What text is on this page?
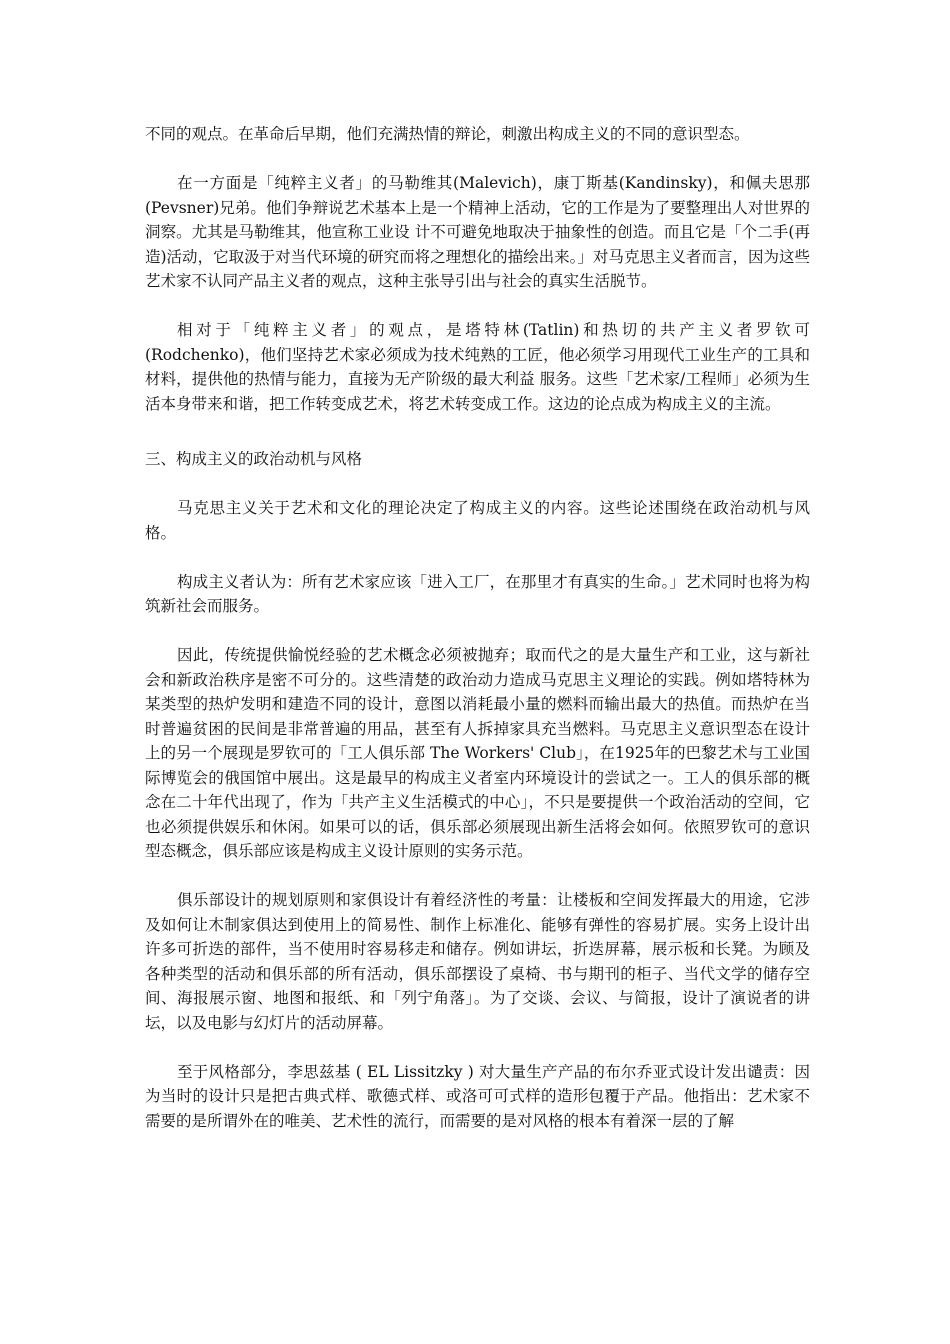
不同的观点。在革命后早期，他们充满热情的辩论，刺激出构成主义的不同的意识型态。

在一方面是「纯粹主义者」的马勒维其(Malevich)，康丁斯基(Kandinsky)，和佩夫思那(Pevsner)兄弟。他们争辩说艺术基本上是一个精神上活动，它的工作是为了要整理出人对世界的洞察。尤其是马勒维其，他宣称工业设 计不可避免地取决于抽象性的创造。而且它是「个二手(再造)活动，它取汲于对当代环境的研究而将之理想化的描绘出来。」对马克思主义者而言，因为这些艺术家不认同产品主义者的观点，这种主张导引出与社会的真实生活脱节。

相对于「纯粹主义者」的观点，是塔特林(Tatlin)和热切的共产主义者罗钦可(Rodchenko)，他们坚持艺术家必须成为技术纯熟的工匠，他必须学习用现代工业生产的工具和材料，提供他的热情与能力，直接为无产阶级的最大利益 服务。这些「艺术家/工程师」必须为生活本身带来和谐，把工作转变成艺术，将艺术转变成工作。这边的论点成为构成主义的主流。

三、构成主义的政治动机与风格

马克思主义关于艺术和文化的理论决定了构成主义的内容。这些论述围绕在政治动机与风格。

构成主义者认为：所有艺术家应该「进入工厂，在那里才有真实的生命。」艺术同时也将为构筑新社会而服务。

因此，传统提供愉悦经验的艺术概念必须被抛弃；取而代之的是大量生产和工业，这与新社会和新政治秩序是密不可分的。这些清楚的政治动力造成马克思主义理论的实践。例如塔特林为某类型的热炉发明和建造不同的设计，意图以消耗最小量的燃料而输出最大的热值。而热炉在当时普遍贫困的民间是非常普遍的用品，甚至有人拆掉家具充当燃料。马克思主义意识型态在设计上的另一个展现是罗钦可的「工人俱乐部 The Workers' Club」，在1925年的巴黎艺术与工业国际博览会的俄国馆中展出。这是最早的构成主义者室内环境设计的尝试之一。工人的俱乐部的概念在二十年代出现了，作为「共产主义生活模式的中心」，不只是要提供一个政治活动的空间，它也必须提供娱乐和休闲。如果可以的话，俱乐部必须展现出新生活将会如何。依照罗钦可的意识型态概念，俱乐部应该是构成主义设计原则的实务示范。

俱乐部设计的规划原则和家俱设计有着经济性的考量：让楼板和空间发挥最大的用途，它涉及如何让木制家俱达到使用上的简易性、制作上标准化、能够有弹性的容易扩展。实务上设计出许多可折迭的部件，当不使用时容易移走和储存。例如讲坛，折迭屏幕，展示板和长凳。为顾及各种类型的活动和俱乐部的所有活动，俱乐部摆设了桌椅、书与期刊的柜子、当代文学的储存空间、海报展示窗、地图和报纸、和「列宁角落」。为了交谈、会议、与简报，设计了演说者的讲坛，以及电影与幻灯片的活动屏幕。

至于风格部分，李思兹基 ( EL Lissitzky ) 对大量生产产品的布尔乔亚式设计发出谴责：因为当时的设计只是把古典式样、歌德式样、或洛可可式样的造形包覆于产品。他指出：艺术家不需要的是所谓外在的唯美、艺术性的流行，而需要的是对风格的根本有着深一层的了解
